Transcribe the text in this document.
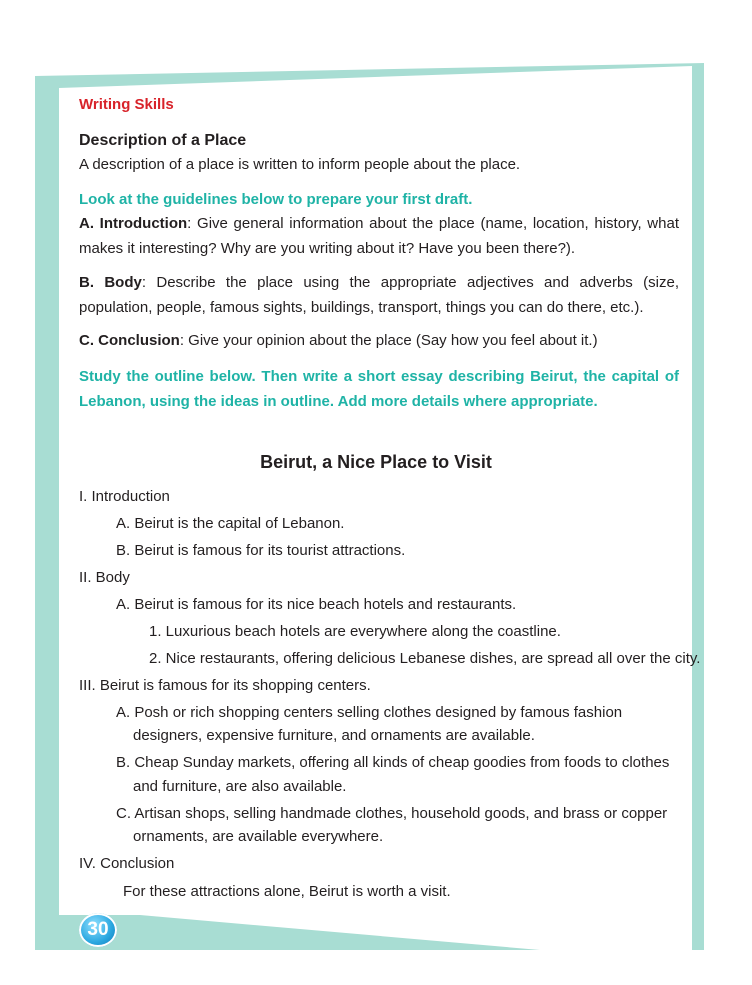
Writing Skills
Description of a Place
A description of a place is written to inform people about the place.
Look at the guidelines below to prepare your first draft.
A. Introduction: Give general information about the place (name, location, history, what makes it interesting? Why are you writing about it? Have you been there?).
B. Body: Describe the place using the appropriate adjectives and adverbs (size, population, people, famous sights, buildings, transport, things you can do there, etc.).
C. Conclusion: Give your opinion about the place (Say how you feel about it.)
Study the outline below. Then write a short essay describing Beirut, the capital of Lebanon, using the ideas in outline. Add more details where appropriate.
Beirut, a Nice Place to Visit
I. Introduction
A. Beirut is the capital of Lebanon.
B. Beirut is famous for its tourist attractions.
II. Body
A. Beirut is famous for its nice beach hotels and restaurants.
1. Luxurious beach hotels are everywhere along the coastline.
2. Nice restaurants, offering delicious Lebanese dishes, are spread all over the city.
III. Beirut is famous for its shopping centers.
A. Posh or rich shopping centers selling clothes designed by famous fashion
designers, expensive furniture, and ornaments are available.
B. Cheap Sunday markets, offering all kinds of cheap goodies from foods to clothes
and furniture, are also available.
C. Artisan shops, selling handmade clothes, household goods, and brass or copper
ornaments, are available everywhere.
IV. Conclusion
For these attractions alone, Beirut is worth a visit.
30
